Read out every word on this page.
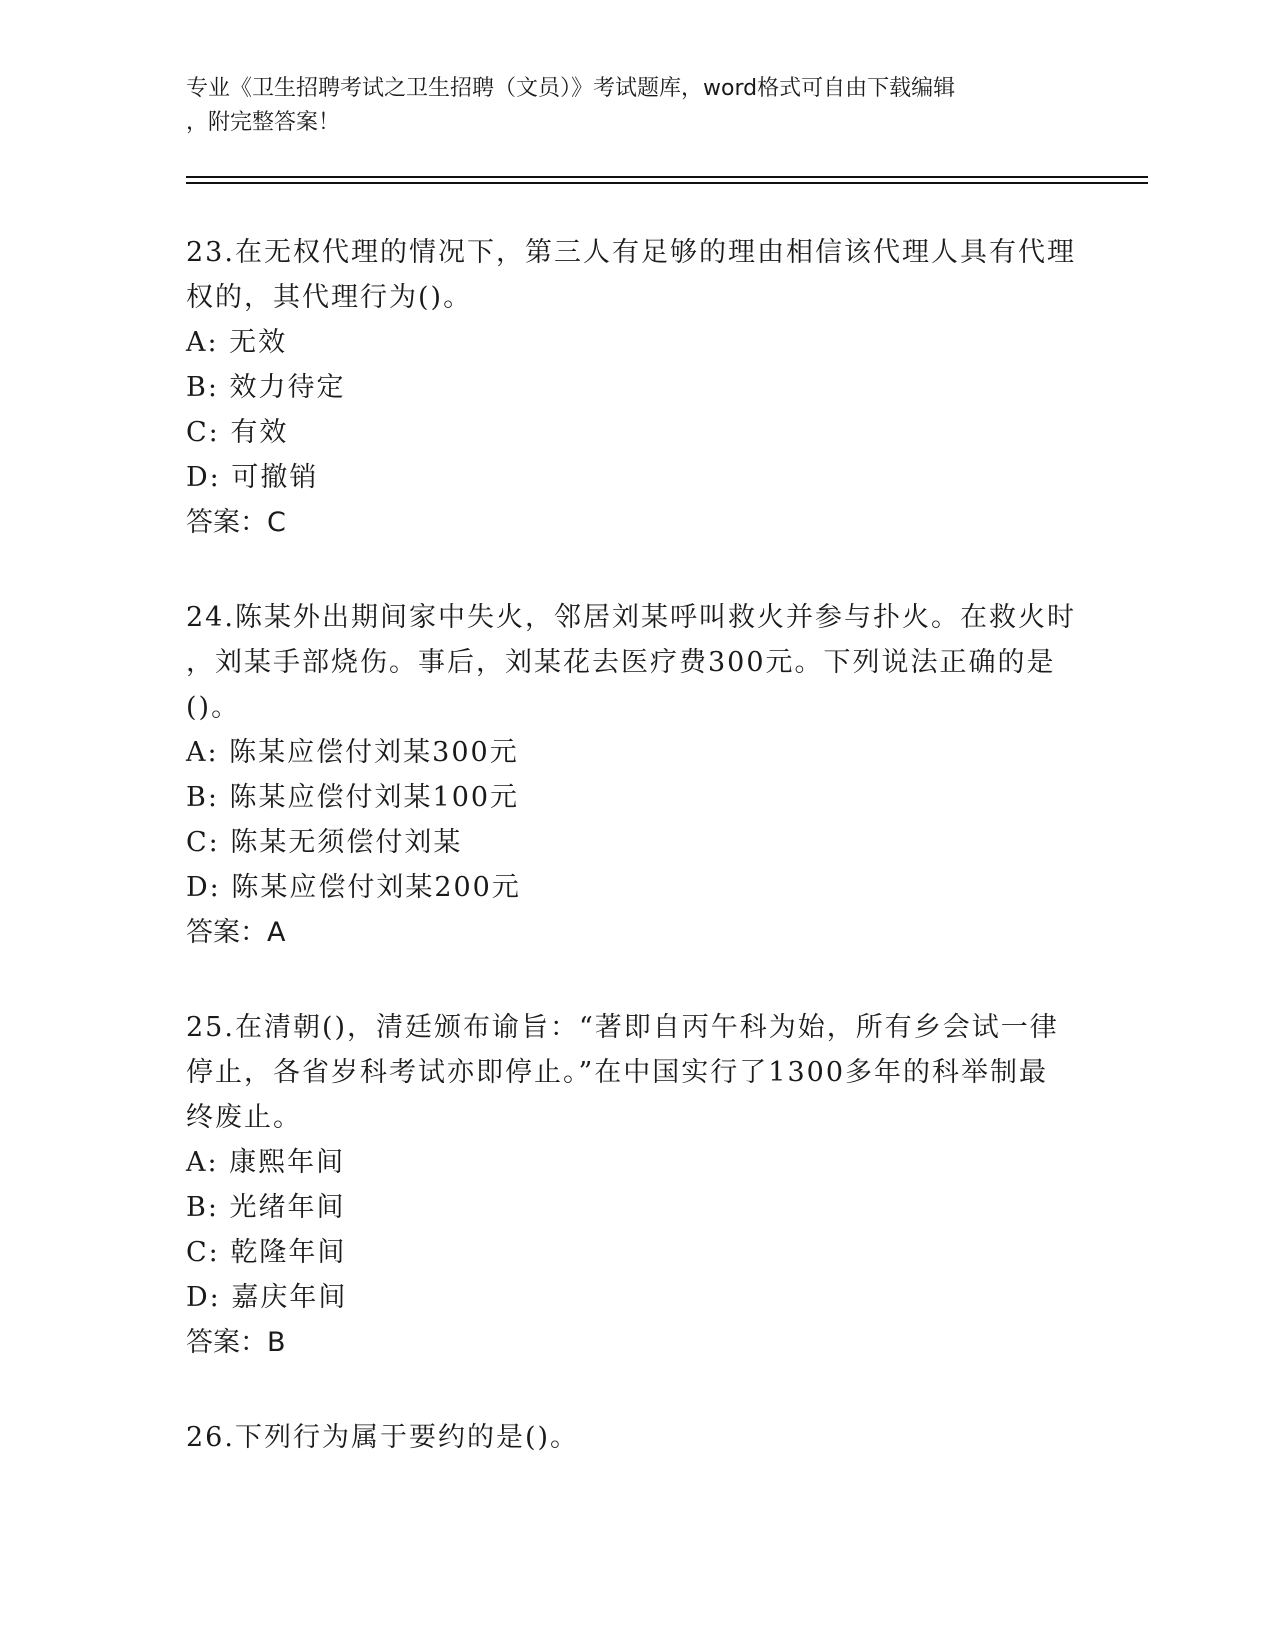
专业《卫生招聘考试之卫生招聘（文员）》考试题库，word格式可自由下载编辑
，附完整答案！
23.在无权代理的情况下，第三人有足够的理由相信该代理人具有代理
权的，其代理行为()。
A: 无效
B: 效力待定
C: 有效
D: 可撤销
答案：C
24.陈某外出期间家中失火，邻居刘某呼叫救火并参与扑火。在救火时
，刘某手部烧伤。事后，刘某花去医疗费300元。下列说法正确的是
()。
A: 陈某应偿付刘某300元
B: 陈某应偿付刘某100元
C: 陈某无须偿付刘某
D: 陈某应偿付刘某200元
答案：A
25.在清朝()，清廷颁布谕旨：“著即自丙午科为始，所有乡会试一律
停止，各省岁科考试亦即停止。”在中国实行了1300多年的科举制最
终废止。
A: 康熙年间
B: 光绪年间
C: 乾隆年间
D: 嘉庆年间
答案：B
26.下列行为属于要约的是()。
